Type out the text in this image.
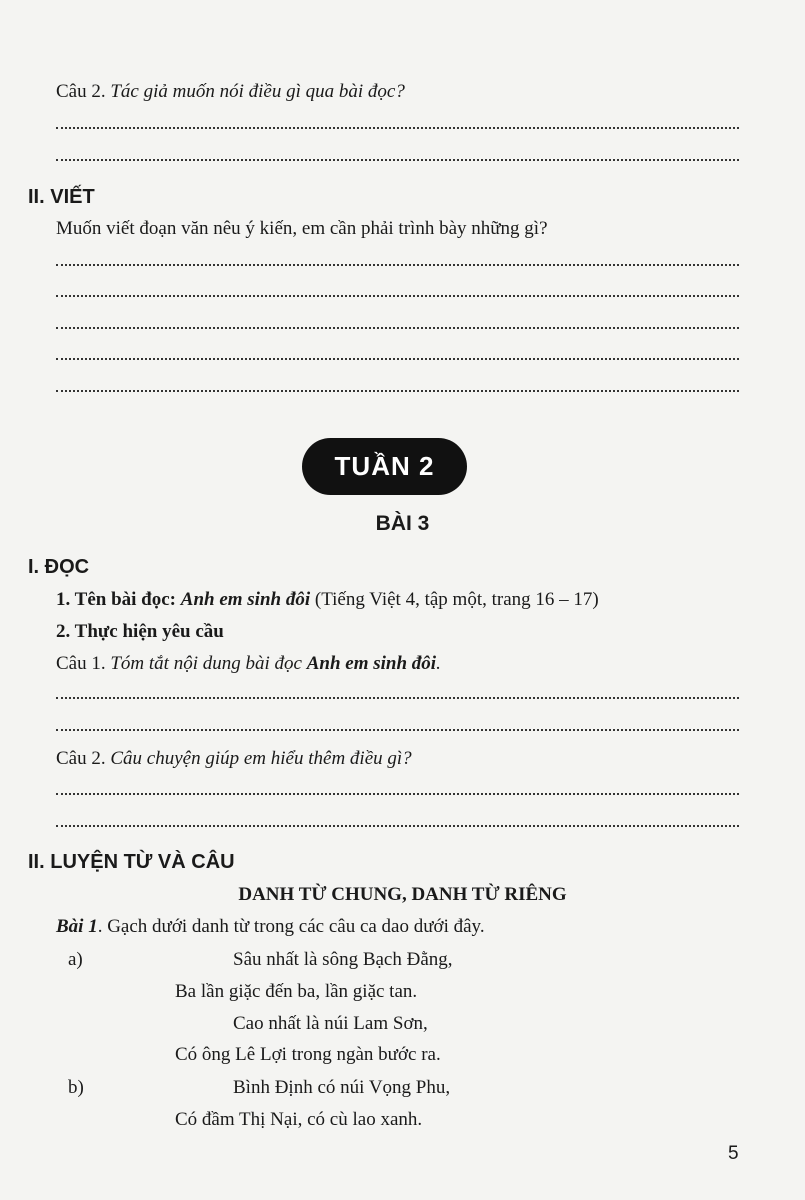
Câu 2. Tác giả muốn nói điều gì qua bài đọc?
II. VIẾT
Muốn viết đoạn văn nêu ý kiến, em cần phải trình bày những gì?
TUẦN 2
BÀI 3
I. ĐỌC
1. Tên bài đọc: Anh em sinh đôi (Tiếng Việt 4, tập một, trang 16 – 17)
2. Thực hiện yêu cầu
Câu 1. Tóm tắt nội dung bài đọc Anh em sinh đôi.
Câu 2. Câu chuyện giúp em hiểu thêm điều gì?
II. LUYỆN TỪ VÀ CÂU
DANH TỪ CHUNG, DANH TỪ RIÊNG
Bài 1. Gạch dưới danh từ trong các câu ca dao dưới đây.
a)	Sâu nhất là sông Bạch Đằng,
Ba lần giặc đến ba, lần giặc tan.
Cao nhất là núi Lam Sơn,
Có ông Lê Lợi trong ngàn bước ra.
b)	Bình Định có núi Vọng Phu,
Có đầm Thị Nại, có cù lao xanh.
5
